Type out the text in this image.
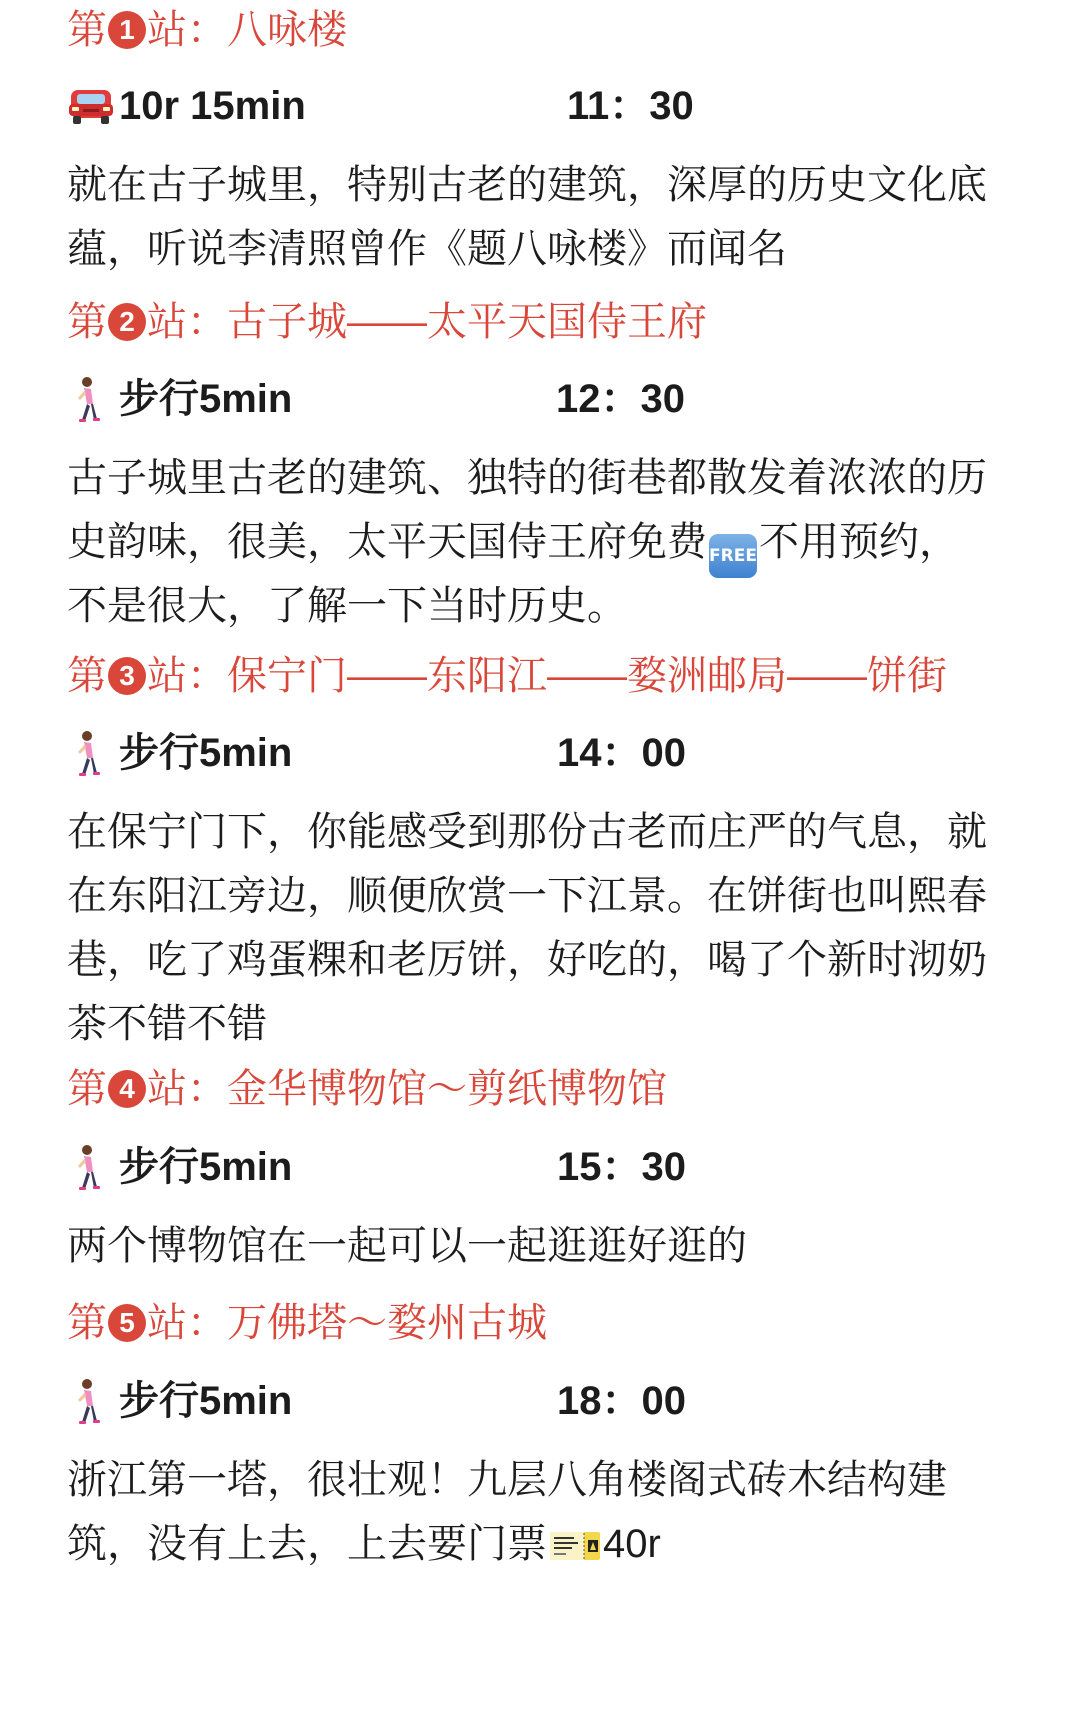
第 1 站：八咏楼
10r 15min	11：30
就在古子城里，特别古老的建筑，深厚的历史文化底
蕴，听说李清照曾作《题八咏楼》而闻名
第 2 站：古子城——太平天国侍王府
步行5min	12：30
古子城里古老的建筑、独特的街巷都散发着浓浓的历
史韵味，很美，太平天国侍王府免费 FREE不用预约，
不是很大，了解一下当时历史。
第 3 站：保宁门——东阳江——婺洲邮局——饼街
步行5min	14：00
在保宁门下，你能感受到那份古老而庄严的气息，就
在东阳江旁边，顺便欣赏一下江景。在饼街也叫熙春
巷，吃了鸡蛋粿和老厉饼，好吃的，喝了个新时沏奶
茶不错不错
第 4 站：金华博物馆～剪纸博物馆
步行5min	15：30
两个博物馆在一起可以一起逛逛好逛的
第 5 站：万佛塔～婺州古城
步行5min	18：00
浙江第一塔，很壮观！九层八角楼阁式砖木结构建
筑，没有上去，上去要门票 40r
